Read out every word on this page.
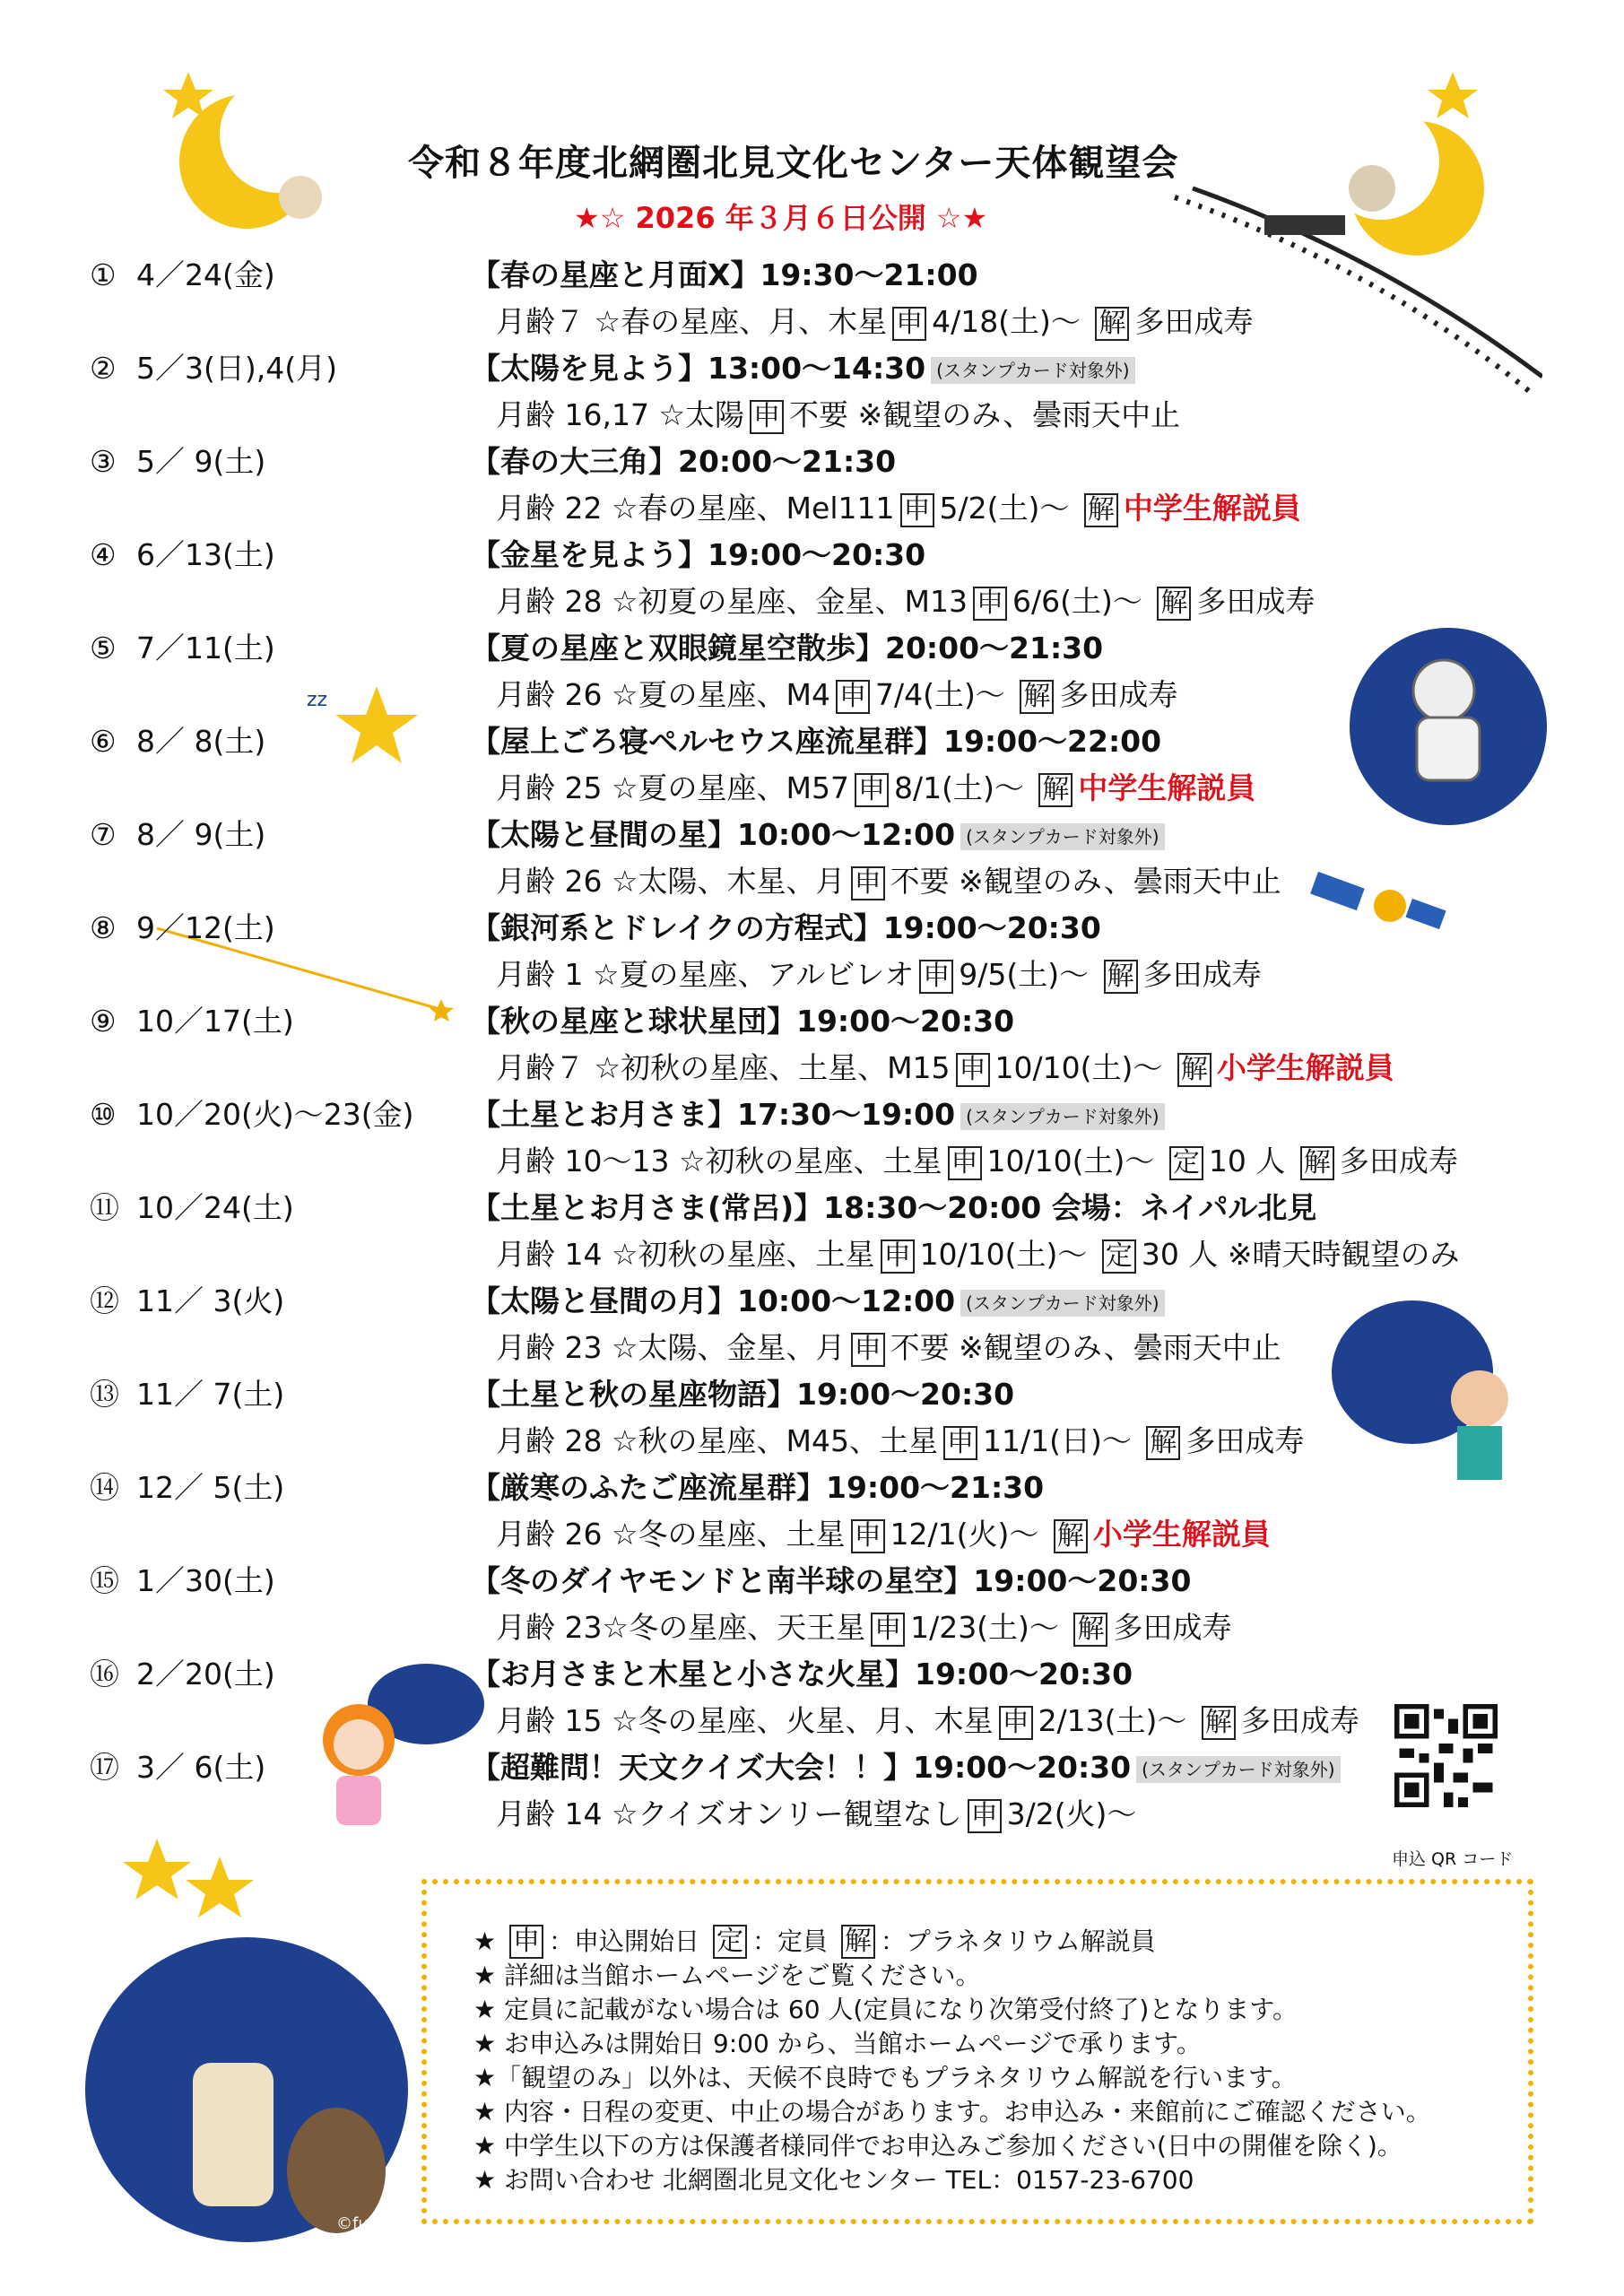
zz
©fumira
令和８年度北網圏北見文化センター天体観望会
★☆ 2026 年３月６日公開 ☆★
① 4／24(金)	【春の星座と月面X】19:30〜21:00
月齢７ ☆春の星座、月、木星 申 4/18(土)〜 解 多田成寿
② 5／3(日),4(月)	【太陽を見よう】13:00〜14:30 (スタンプカード対象外)
月齢 16,17 ☆太陽 申 不要 ※観望のみ、曇雨天中止
③ 5／ 9(土)	【春の大三角】20:00〜21:30
月齢 22 ☆春の星座、Mel111 申 5/2(土)〜 解 中学生解説員
④ 6／13(土)	【金星を見よう】19:00〜20:30
月齢 28 ☆初夏の星座、金星、M13 申 6/6(土)〜 解 多田成寿
⑤ 7／11(土)	【夏の星座と双眼鏡星空散歩】20:00〜21:30
月齢 26 ☆夏の星座、M4 申 7/4(土)〜 解 多田成寿
⑥ 8／ 8(土)	【屋上ごろ寝ペルセウス座流星群】19:00〜22:00
月齢 25 ☆夏の星座、M57 申 8/1(土)〜 解 中学生解説員
⑦ 8／ 9(土)	【太陽と昼間の星】10:00〜12:00 (スタンプカード対象外)
月齢 26 ☆太陽、木星、月 申 不要 ※観望のみ、曇雨天中止
⑧ 9／12(土)	【銀河系とドレイクの方程式】19:00〜20:30
月齢 1 ☆夏の星座、アルビレオ 申 9/5(土)〜 解 多田成寿
⑨ 10／17(土)	【秋の星座と球状星団】19:00〜20:30
月齢７ ☆初秋の星座、土星、M15 申 10/10(土)〜 解 小学生解説員
⑩ 10／20(火)〜23(金) 【土星とお月さま】17:30〜19:00 (スタンプカード対象外)
月齢 10〜13 ☆初秋の星座、土星 申 10/10(土)〜 定 10 人 解 多田成寿
⑪ 10／24(土)	【土星とお月さま(常呂)】18:30〜20:00 会場：ネイパル北見
月齢 14 ☆初秋の星座、土星 申 10/10(土)〜 定 30 人 ※晴天時観望のみ
⑫ 11／ 3(火)	【太陽と昼間の月】10:00〜12:00 (スタンプカード対象外)
月齢 23 ☆太陽、金星、月 申 不要 ※観望のみ、曇雨天中止
⑬ 11／ 7(土)	【土星と秋の星座物語】19:00〜20:30
月齢 28 ☆秋の星座、M45、土星 申 11/1(日)〜 解 多田成寿
⑭ 12／ 5(土)	【厳寒のふたご座流星群】19:00〜21:30
月齢 26 ☆冬の星座、土星 申 12/1(火)〜 解 小学生解説員
⑮ 1／30(土)	【冬のダイヤモンドと南半球の星空】19:00〜20:30
月齢 23☆冬の星座、天王星 申 1/23(土)〜 解 多田成寿
⑯ 2／20(土)	【お月さまと木星と小さな火星】19:00〜20:30
月齢 15 ☆冬の星座、火星、月、木星 申 2/13(土)〜 解 多田成寿
⑰ 3／ 6(土)	【超難問！天文クイズ大会！！】19:00〜20:30 (スタンプカード対象外)
月齢 14 ☆クイズオンリー観望なし 申 3/2(火)〜
申込 QR コード
★ 申 ：申込開始日 定 ：定員 解 ：プラネタリウム解説員
★ 詳細は当館ホームページをご覧ください。
★ 定員に記載がない場合は 60 人(定員になり次第受付終了)となります。
★ お申込みは開始日 9:00 から、当館ホームページで承ります。
★「観望のみ」以外は、天候不良時でもプラネタリウム解説を行います。
★ 内容・日程の変更、中止の場合があります。お申込み・来館前にご確認ください。
★ 中学生以下の方は保護者様同伴でお申込みご参加ください(日中の開催を除く)。
★ お問い合わせ 北網圏北見文化センター TEL：0157-23-6700
